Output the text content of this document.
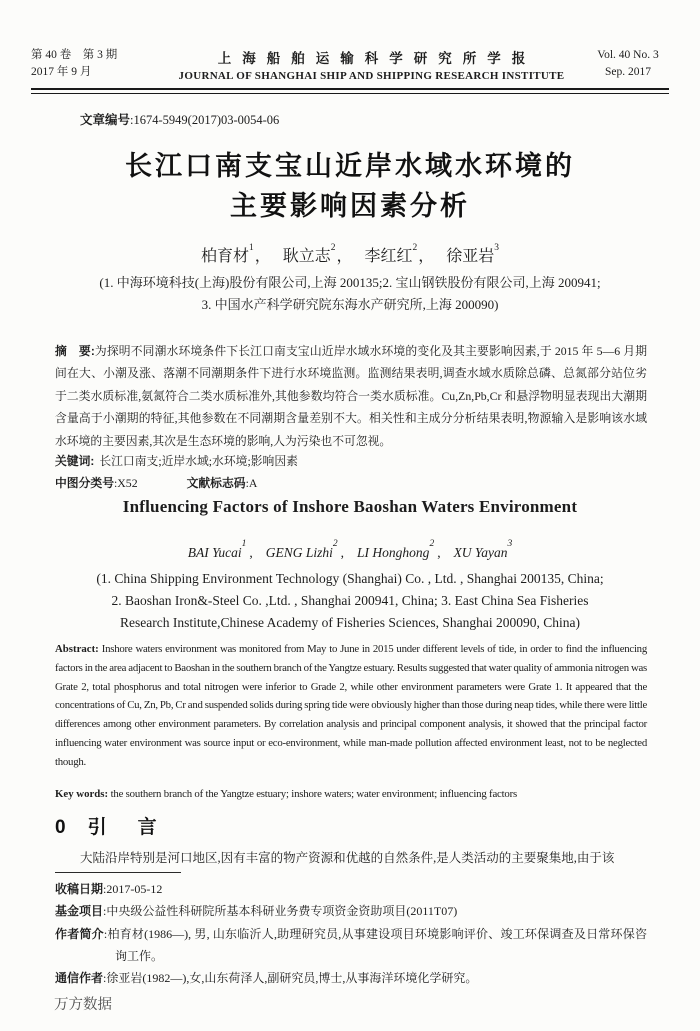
第 40 卷　第 3 期
2017 年 9 月
上海船舶运输科学研究所学报
JOURNAL OF SHANGHAI SHIP AND SHIPPING RESEARCH INSTITUTE
Vol. 40 No. 3
Sep. 2017
文章编号:1674-5949(2017)03-0054-06
长江口南支宝山近岸水域水环境的
主要影响因素分析
柏育材$^1$， 耿立志$^2$， 李红红$^2$， 徐亚岩$^3$
(1. 中海环境科技(上海)股份有限公司,上海 200135;2. 宝山钢铁股份有限公司,上海 200941;
3. 中国水产科学研究院东海水产研究所,上海 200090)
摘　要:为探明不同潮水环境条件下长江口南支宝山近岸水域水环境的变化及其主要影响因素,于 2015 年 5—6 月期间在大、小潮及涨、落潮不同潮期条件下进行水环境监测。监测结果表明,调查水域水质除总磷、总氮部分站位劣于二类水质标准,氨氮符合二类水质标准外,其他参数均符合一类水质标准。Cu,Zn,Pb,Cr 和悬浮物明显表现出大潮期含量高于小潮期的特征,其他参数在不同潮期含量差别不大。相关性和主成分分析结果表明,物源输入是影响该水域水环境的主要因素,其次是生态环境的影响,人为污染也不可忽视。
关键词: 长江口南支;近岸水域;水环境;影响因素
中图分类号:X52	文献标志码:A
Influencing Factors of Inshore Baoshan Waters Environment
BAI Yucai$^1$, GENG Lizhi$^2$, LI Honghong$^2$, XU Yayan$^3$
(1. China Shipping Environment Technology (Shanghai) Co. , Ltd. , Shanghai 200135, China;
2. Baoshan Iron&-Steel Co. ,Ltd. , Shanghai 200941, China; 3. East China Sea Fisheries
Research Institute,Chinese Academy of Fisheries Sciences, Shanghai 200090, China)
Abstract: Inshore waters environment was monitored from May to June in 2015 under different levels of tide, in order to find the influencing factors in the area adjacent to Baoshan in the southern branch of the Yangtze estuary. Results suggested that water quality of ammonia nitrogen was Grate 2, total phosphorus and total nitrogen were inferior to Grade 2, while other environment parameters were Grate 1. It appeared that the concentrations of Cu, Zn, Pb, Cr and suspended solids during spring tide were obviously higher than those during neap tides, while there were little differences among other environment parameters. By correlation analysis and principal component analysis, it showed that the principal factor influencing water environment was source input or eco-environment, while man-made pollution affected environment least, not to be neglected though.
Key words: the southern branch of the Yangtze estuary; inshore waters; water environment; influencing factors
0 引　言

大陆沿岸特别是河口地区,因有丰富的物产资源和优越的自然条件,是人类活动的主要聚集地,由于该

收稿日期:2017-05-12
基金项目:中央级公益性科研院所基本科研业务费专项资金资助项目(2011T07)
作者简介:柏育材(1986—), 男, 山东临沂人,助理研究员,从事建设项目环境影响评价、竣工环保调查及日常环保咨询工作。
通信作者:徐亚岩(1982—),女,山东荷泽人,副研究员,博士,从事海洋环境化学研究。
万方数据
